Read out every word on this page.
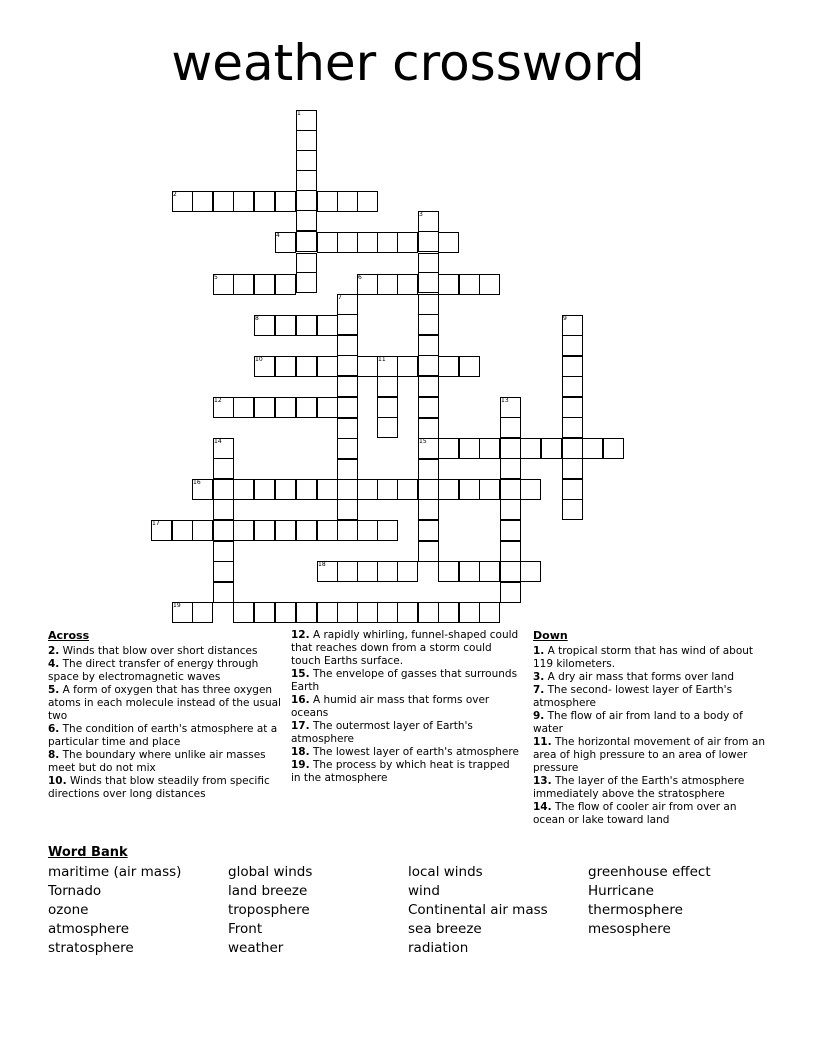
weather crossword
1
2
3
4
5	6
7
8	9
10	11
12	13
14	15
16
17
18
19
Across

2. Winds that blow over short distances

4. The direct transfer of energy through space by electromagnetic waves

5. A form of oxygen that has three oxygen atoms in each molecule instead of the usual two

6. The condition of earth's atmosphere at a particular time and place

8. The boundary where unlike air masses meet but do not mix

10. Winds that blow steadily from specific directions over long distances

12. A rapidly whirling, funnel-shaped could that reaches down from a storm could touch Earths surface.

15. The envelope of gasses that surrounds Earth

16. A humid air mass that forms over oceans

17. The outermost layer of Earth's atmosphere

18. The lowest layer of earth's atmosphere

19. The process by which heat is trapped in the atmosphere

Down

1. A tropical storm that has wind of about 119 kilometers.

3. A dry air mass that forms over land

7. The second- lowest layer of Earth's atmosphere

9. The flow of air from land to a body of water

11. The horizontal movement of air from an area of high pressure to an area of lower pressure

13. The layer of the Earth's atmosphere immediately above the stratosphere

14. The flow of cooler air from over an ocean or lake toward land

Word Bank
maritime (air mass)
Tornado
ozone
atmosphere
stratosphere
global winds
land breeze
troposphere
Front
weather
local winds
wind
Continental air mass
sea breeze
radiation
greenhouse effect
Hurricane
thermosphere
mesosphere
